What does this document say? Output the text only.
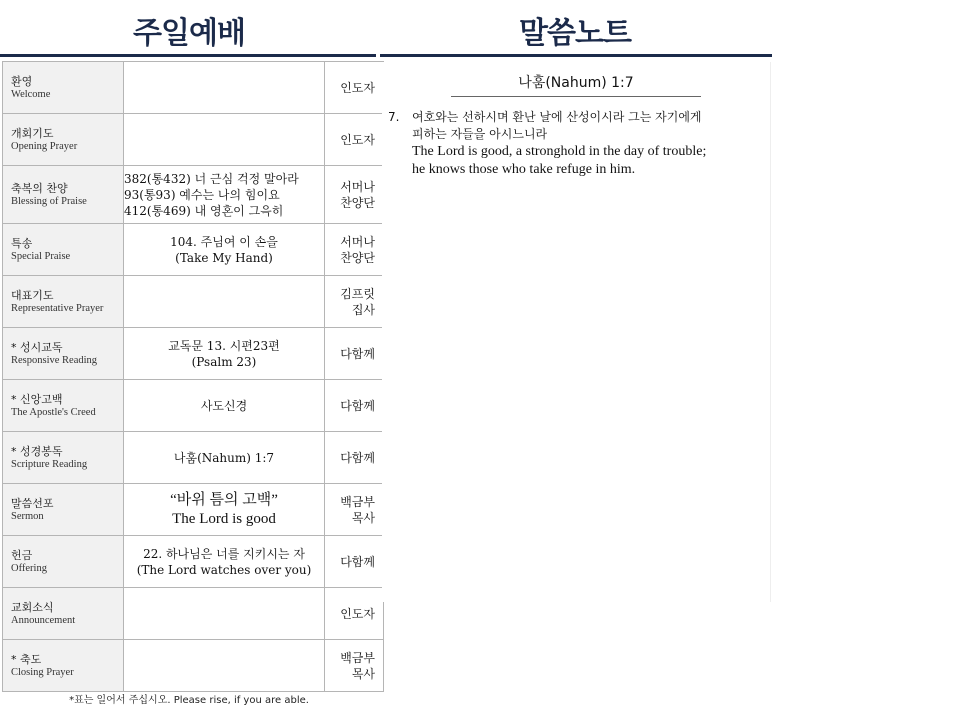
주일예배	말씀노트
환영
Welcome		인도자

개회기도
Opening Prayer		인도자

축복의 찬양
Blessing of Praise	382(통432) 너 근심 걱정 말아라
93(통93) 예수는 나의 힘이요
412(통469) 내 영혼이 그윽히	서머나 찬양단

특송
Special Praise	104. 주님여 이 손을
(Take My Hand)	서머나 찬양단

대표기도
Representative Prayer		김프릿 집사

* 성시교독
Responsive Reading	교독문 13. 시편23편
(Psalm 23)	다함께

* 신앙고백
The Apostle's Creed	사도신경	다함께

* 성경봉독
Scripture Reading	나훔(Nahum) 1:7	다함께

말씀선포
Sermon	“바위 틈의 고백”
The Lord is good	백금부 목사

헌금
Offering	22. 하나님은 너를 지키시는 자
(The Lord watches over you)	다함께

교회소식
Announcement		인도자

* 축도
Closing Prayer		백금부 목사
*표는 일어서 주십시오. Please rise, if you are able.
나훔(Nahum) 1:7
7.	여호와는 선하시며 환난 날에 산성이시라 그는 자기에게
피하는 자들을 아시느니라
The Lord is good, a stronghold in the day of trouble;
he knows those who take refuge in him.
